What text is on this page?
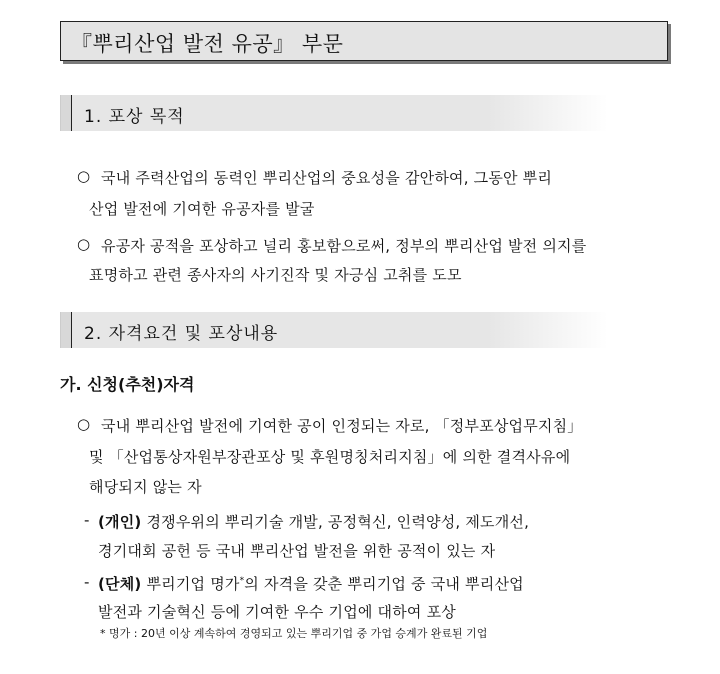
『뿌리산업 발전 유공』 부문
1. 포상 목적
○ 국내 주력산업의 동력인 뿌리산업의 중요성을 감안하여, 그동안 뿌리
산업 발전에 기여한 유공자를 발굴
○ 유공자 공적을 포상하고 널리 홍보함으로써, 정부의 뿌리산업 발전 의지를
표명하고 관련 종사자의 사기진작 및 자긍심 고취를 도모
2. 자격요건 및 포상내용
가. 신청(추천)자격
○ 국내 뿌리산업 발전에 기여한 공이 인정되는 자로, 「정부포상업무지침」
및 「산업통상자원부장관포상 및 후원명칭처리지침」에 의한 결격사유에
해당되지 않는 자
- (개인) 경쟁우위의 뿌리기술 개발, 공정혁신, 인력양성, 제도개선,
경기대회 공헌 등 국내 뿌리산업 발전을 위한 공적이 있는 자
- (단체) 뿌리기업 명가*의 자격을 갖춘 뿌리기업 중 국내 뿌리산업
발전과 기술혁신 등에 기여한 우수 기업에 대하여 포상
* 명가 : 20년 이상 계속하여 경영되고 있는 뿌리기업 중 가업 승계가 완료된 기업
